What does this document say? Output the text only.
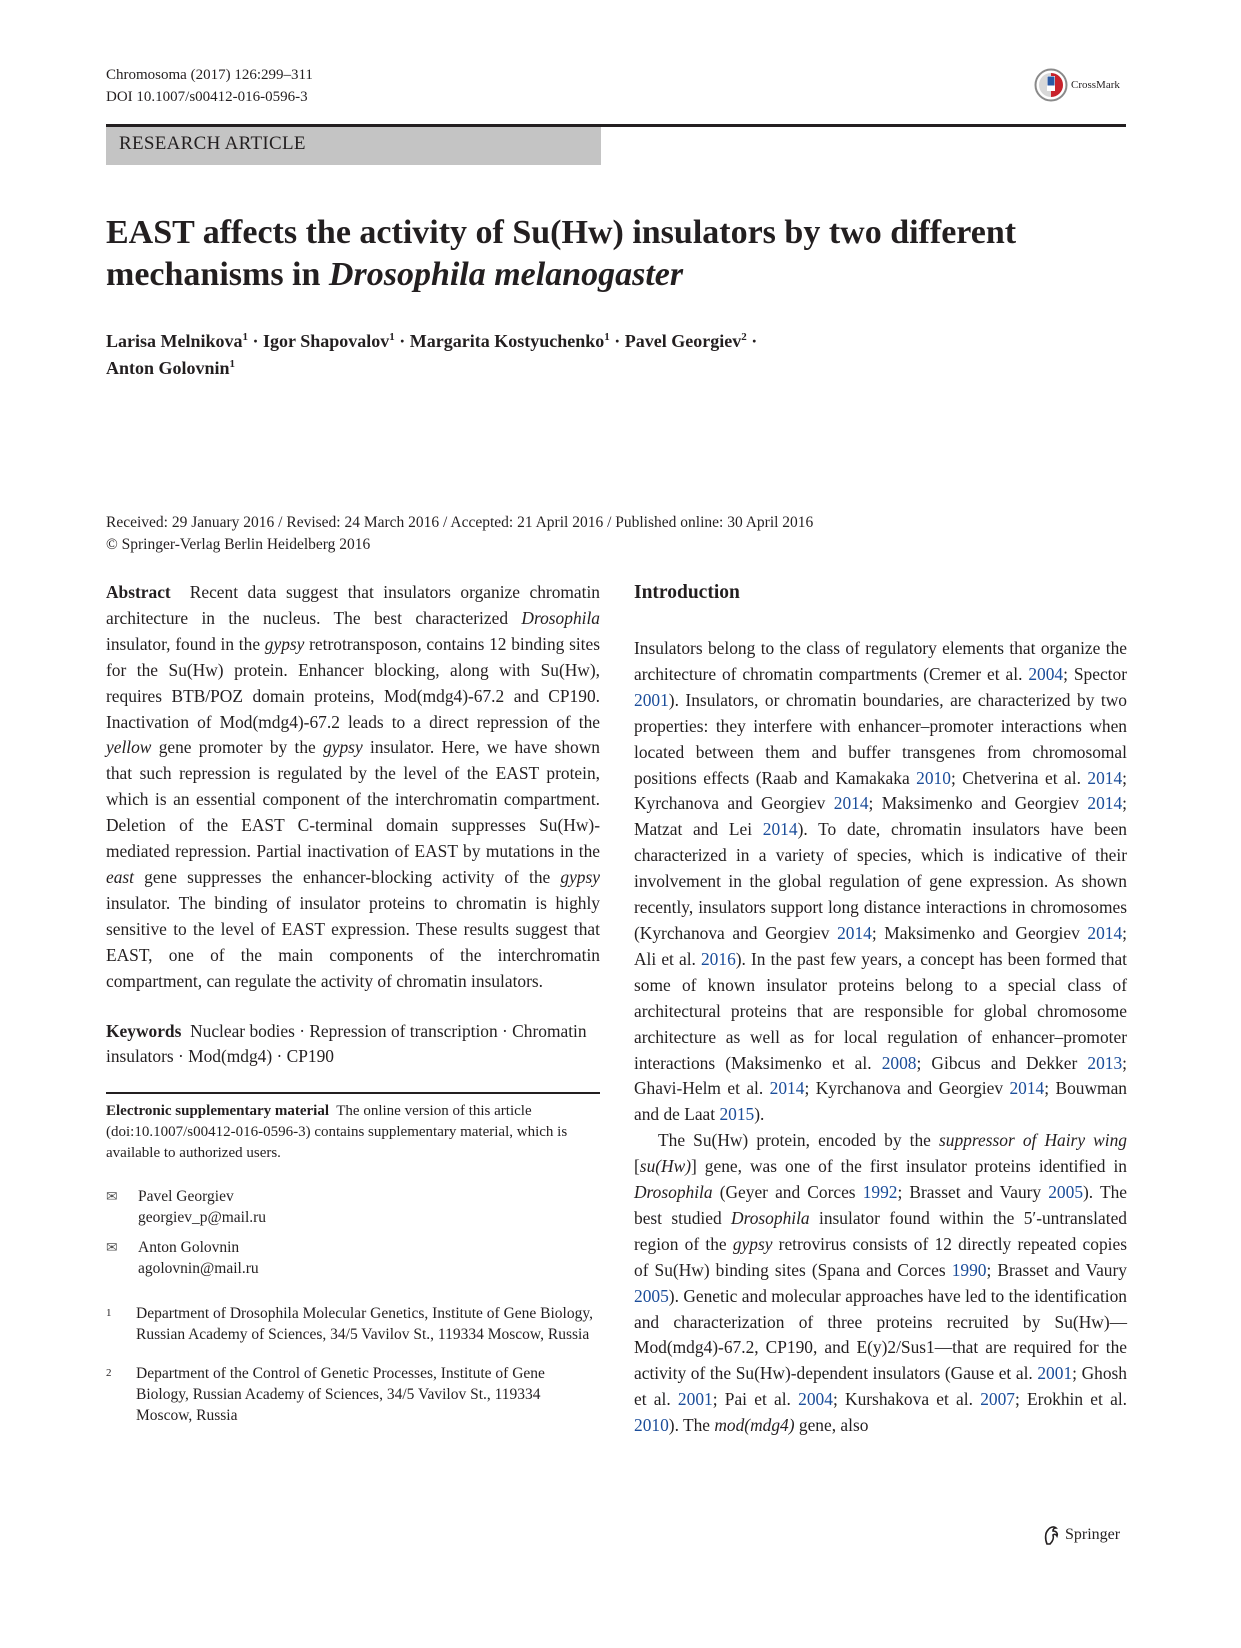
Chromosoma (2017) 126:299–311
DOI 10.1007/s00412-016-0596-3
CrossMark
RESEARCH ARTICLE
EAST affects the activity of Su(Hw) insulators by two different
mechanisms in Drosophila melanogaster
Larisa Melnikova$^1$ · Igor Shapovalov$^1$ · Margarita Kostyuchenko$^1$ · Pavel Georgiev$^2$ ·
Anton Golovnin$^1$
Received: 29 January 2016 / Revised: 24 March 2016 / Accepted: 21 April 2016 / Published online: 30 April 2016
© Springer-Verlag Berlin Heidelberg 2016

Abstract Recent data suggest that insulators organize chromatin architecture in the nucleus. The best characterized Drosophila insulator, found in the gypsy retrotransposon, contains 12 binding sites for the Su(Hw) protein. Enhancer blocking, along with Su(Hw), requires BTB/POZ domain proteins, Mod(mdg4)-67.2 and CP190. Inactivation of Mod(mdg4)-67.2 leads to a direct repression of the yellow gene promoter by the gypsy insulator. Here, we have shown that such repression is regulated by the level of the EAST protein, which is an essential component of the interchromatin compartment. Deletion of the EAST C-terminal domain suppresses Su(Hw)-mediated repression. Partial inactivation of EAST by mutations in the east gene suppresses the enhancer-blocking activity of the gypsy insulator. The binding of insulator proteins to chromatin is highly sensitive to the level of EAST expression. These results suggest that EAST, one of the main components of the interchromatin compartment, can regulate the activity of chromatin insulators.

Keywords Nuclear bodies · Repression of transcription · Chromatin insulators · Mod(mdg4) · CP190

Electronic supplementary material The online version of this article (doi:10.1007/s00412-016-0596-3) contains supplementary material, which is available to authorized users.

✉	Pavel Georgiev
georgiev_p@mail.ru
✉	Anton Golovnin
agolovnin@mail.ru
1	Department of Drosophila Molecular Genetics, Institute of Gene Biology, Russian Academy of Sciences, 34/5 Vavilov St., 119334 Moscow, Russia
2	Department of the Control of Genetic Processes, Institute of Gene Biology, Russian Academy of Sciences, 34/5 Vavilov St., 119334 Moscow, Russia
Introduction

Insulators belong to the class of regulatory elements that organize the architecture of chromatin compartments (Cremer et al. 2004; Spector 2001). Insulators, or chromatin boundaries, are characterized by two properties: they interfere with enhancer–promoter interactions when located between them and buffer transgenes from chromosomal positions effects (Raab and Kamakaka 2010; Chetverina et al. 2014; Kyrchanova and Georgiev 2014; Maksimenko and Georgiev 2014; Matzat and Lei 2014). To date, chromatin insulators have been characterized in a variety of species, which is indicative of their involvement in the global regulation of gene expression. As shown recently, insulators support long distance interactions in chromosomes (Kyrchanova and Georgiev 2014; Maksimenko and Georgiev 2014; Ali et al. 2016). In the past few years, a concept has been formed that some of known insulator proteins belong to a special class of architectural proteins that are responsible for global chromosome architecture as well as for local regulation of enhancer–promoter interactions (Maksimenko et al. 2008; Gibcus and Dekker 2013; Ghavi-Helm et al. 2014; Kyrchanova and Georgiev 2014; Bouwman and de Laat 2015).

The Su(Hw) protein, encoded by the suppressor of Hairy wing [su(Hw)] gene, was one of the first insulator proteins identified in Drosophila (Geyer and Corces 1992; Brasset and Vaury 2005). The best studied Drosophila insulator found within the 5′-untranslated region of the gypsy retrovirus consists of 12 directly repeated copies of Su(Hw) binding sites (Spana and Corces 1990; Brasset and Vaury 2005). Genetic and molecular approaches have led to the identification and characterization of three proteins recruited by Su(Hw)—Mod(mdg4)-67.2, CP190, and E(y)2/Sus1—that are required for the activity of the Su(Hw)-dependent insulators (Gause et al. 2001; Ghosh et al. 2001; Pai et al. 2004; Kurshakova et al. 2007; Erokhin et al. 2010). The mod(mdg4) gene, also

Springer
